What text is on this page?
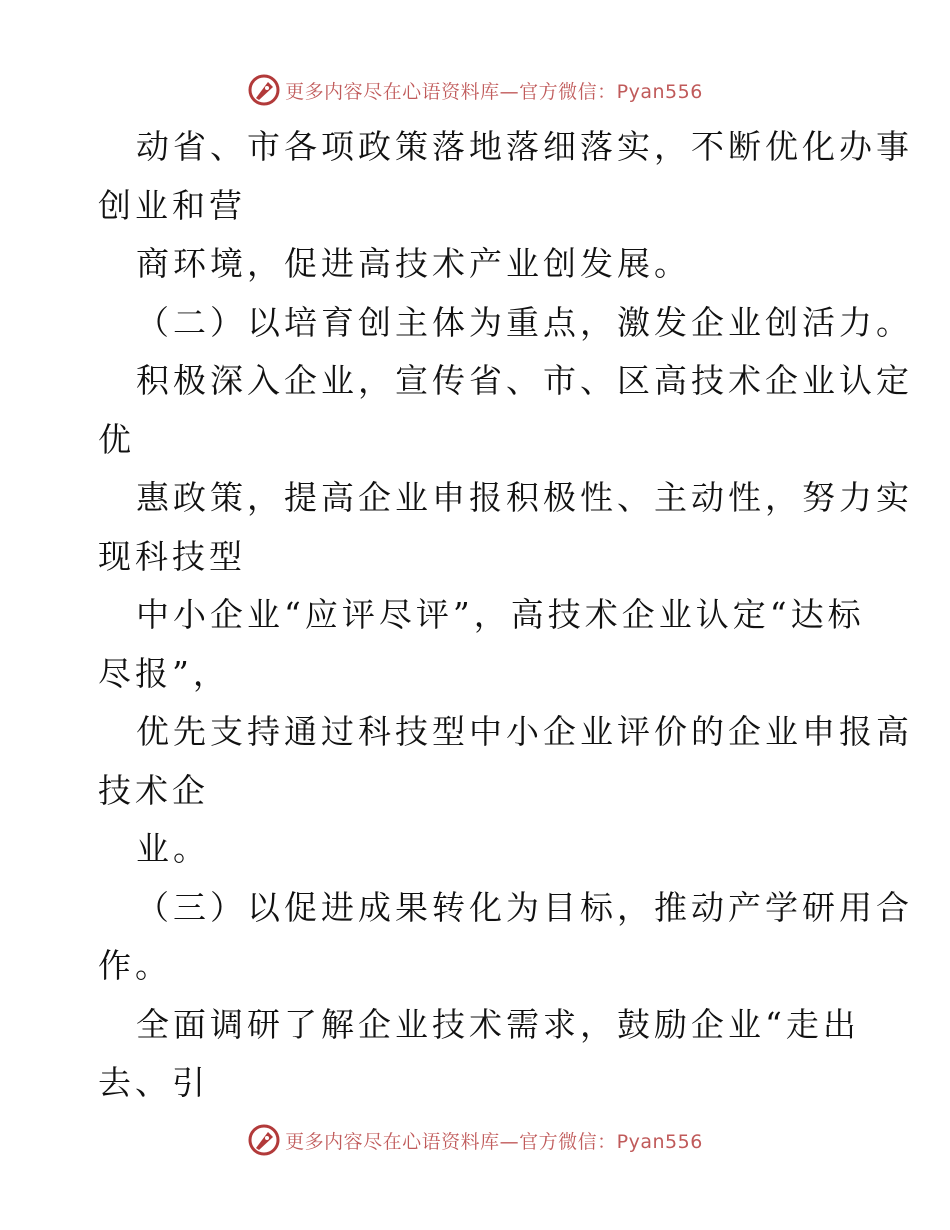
更多内容尽在心语资料库—官方微信：Pyan556
动省、市各项政策落地落细落实，不断优化办事
创业和营
商环境，促进高技术产业创发展。
（二）以培育创主体为重点，激发企业创活力。
积极深入企业，宣传省、市、区高技术企业认定
优
惠政策，提高企业申报积极性、主动性，努力实
现科技型
中小企业“应评尽评”，高技术企业认定“达标
尽报”，
优先支持通过科技型中小企业评价的企业申报高
技术企
业。
（三）以促进成果转化为目标，推动产学研用合
作。
全面调研了解企业技术需求，鼓励企业“走出
去、引
更多内容尽在心语资料库—官方微信：Pyan556
